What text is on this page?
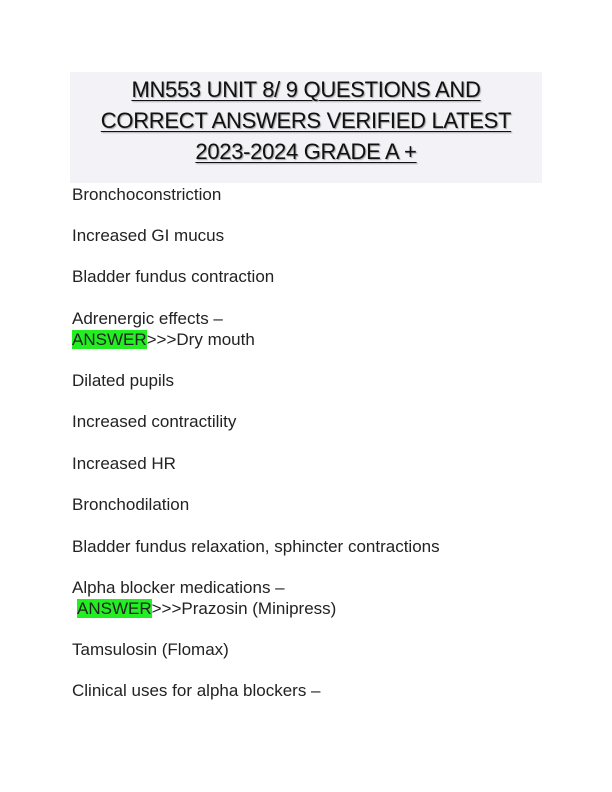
MN553 UNIT 8/ 9 QUESTIONS AND
CORRECT ANSWERS VERIFIED LATEST
2023-2024 GRADE A +
Bronchoconstriction
Increased GI mucus
Bladder fundus contraction
Adrenergic effects –
ANSWER>>>Dry mouth
Dilated pupils
Increased contractility
Increased HR
Bronchodilation
Bladder fundus relaxation, sphincter contractions
Alpha blocker medications –
ANSWER>>>Prazosin (Minipress)
Tamsulosin (Flomax)
Clinical uses for alpha blockers –
